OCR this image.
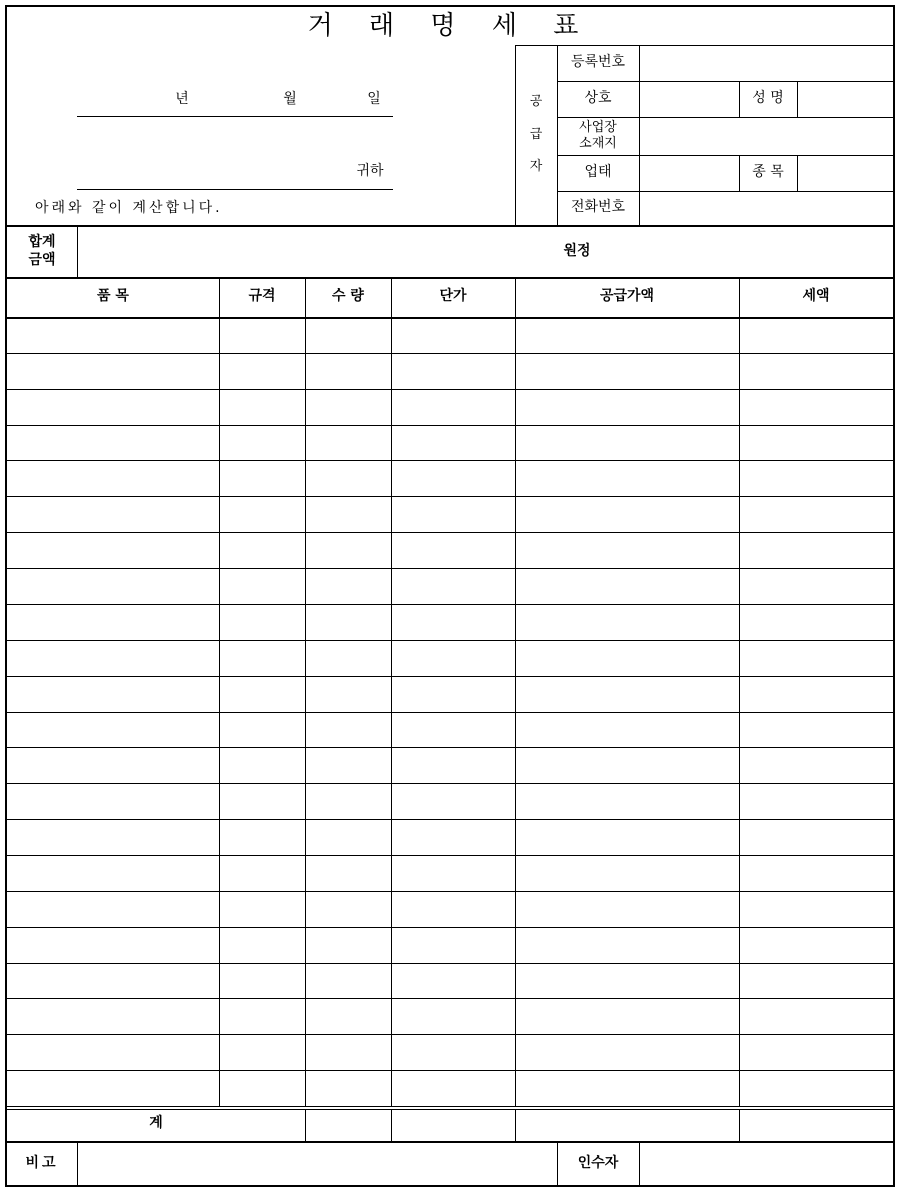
거 래 명 세 표
년	월	일
귀하
아래와 같이 계산합니다.
공

급

자
등록번호
상호	성 명
사업장
소재지
업태	종 목
전화번호
합계
금액
원정
품 목	규격	수 량	단가	공급가액	세액
계
비고	인수자
